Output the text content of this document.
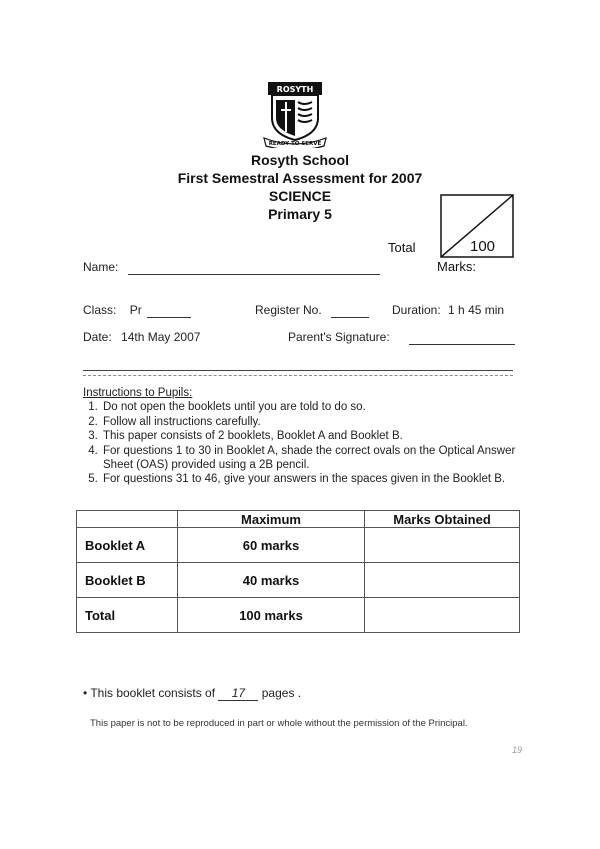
ROSYTH
READY TO SERVE
Rosyth School
First Semestral Assessment for 2007
SCIENCE
Primary 5
Total	100
Marks:
Name:
Class: Pr	Register No.	Duration: 1 h 45 min
Date: 14th May 2007	Parent's Signature:
Instructions to Pupils:
1. Do not open the booklets until you are told to do so.
2. Follow all instructions carefully.
3. This paper consists of 2 booklets, Booklet A and Booklet B.
4. For questions 1 to 30 in Booklet A, shade the correct ovals on the Optical Answer Sheet (OAS) provided using a 2B pencil.
5. For questions 31 to 46, give your answers in the spaces given in the Booklet B.
	Maximum	Marks Obtained
Booklet A	60 marks	
Booklet B	40 marks	
Total	100 marks	
• This booklet consists of 17 pages .
This paper is not to be reproduced in part or whole without the permission of the Principal.
19
